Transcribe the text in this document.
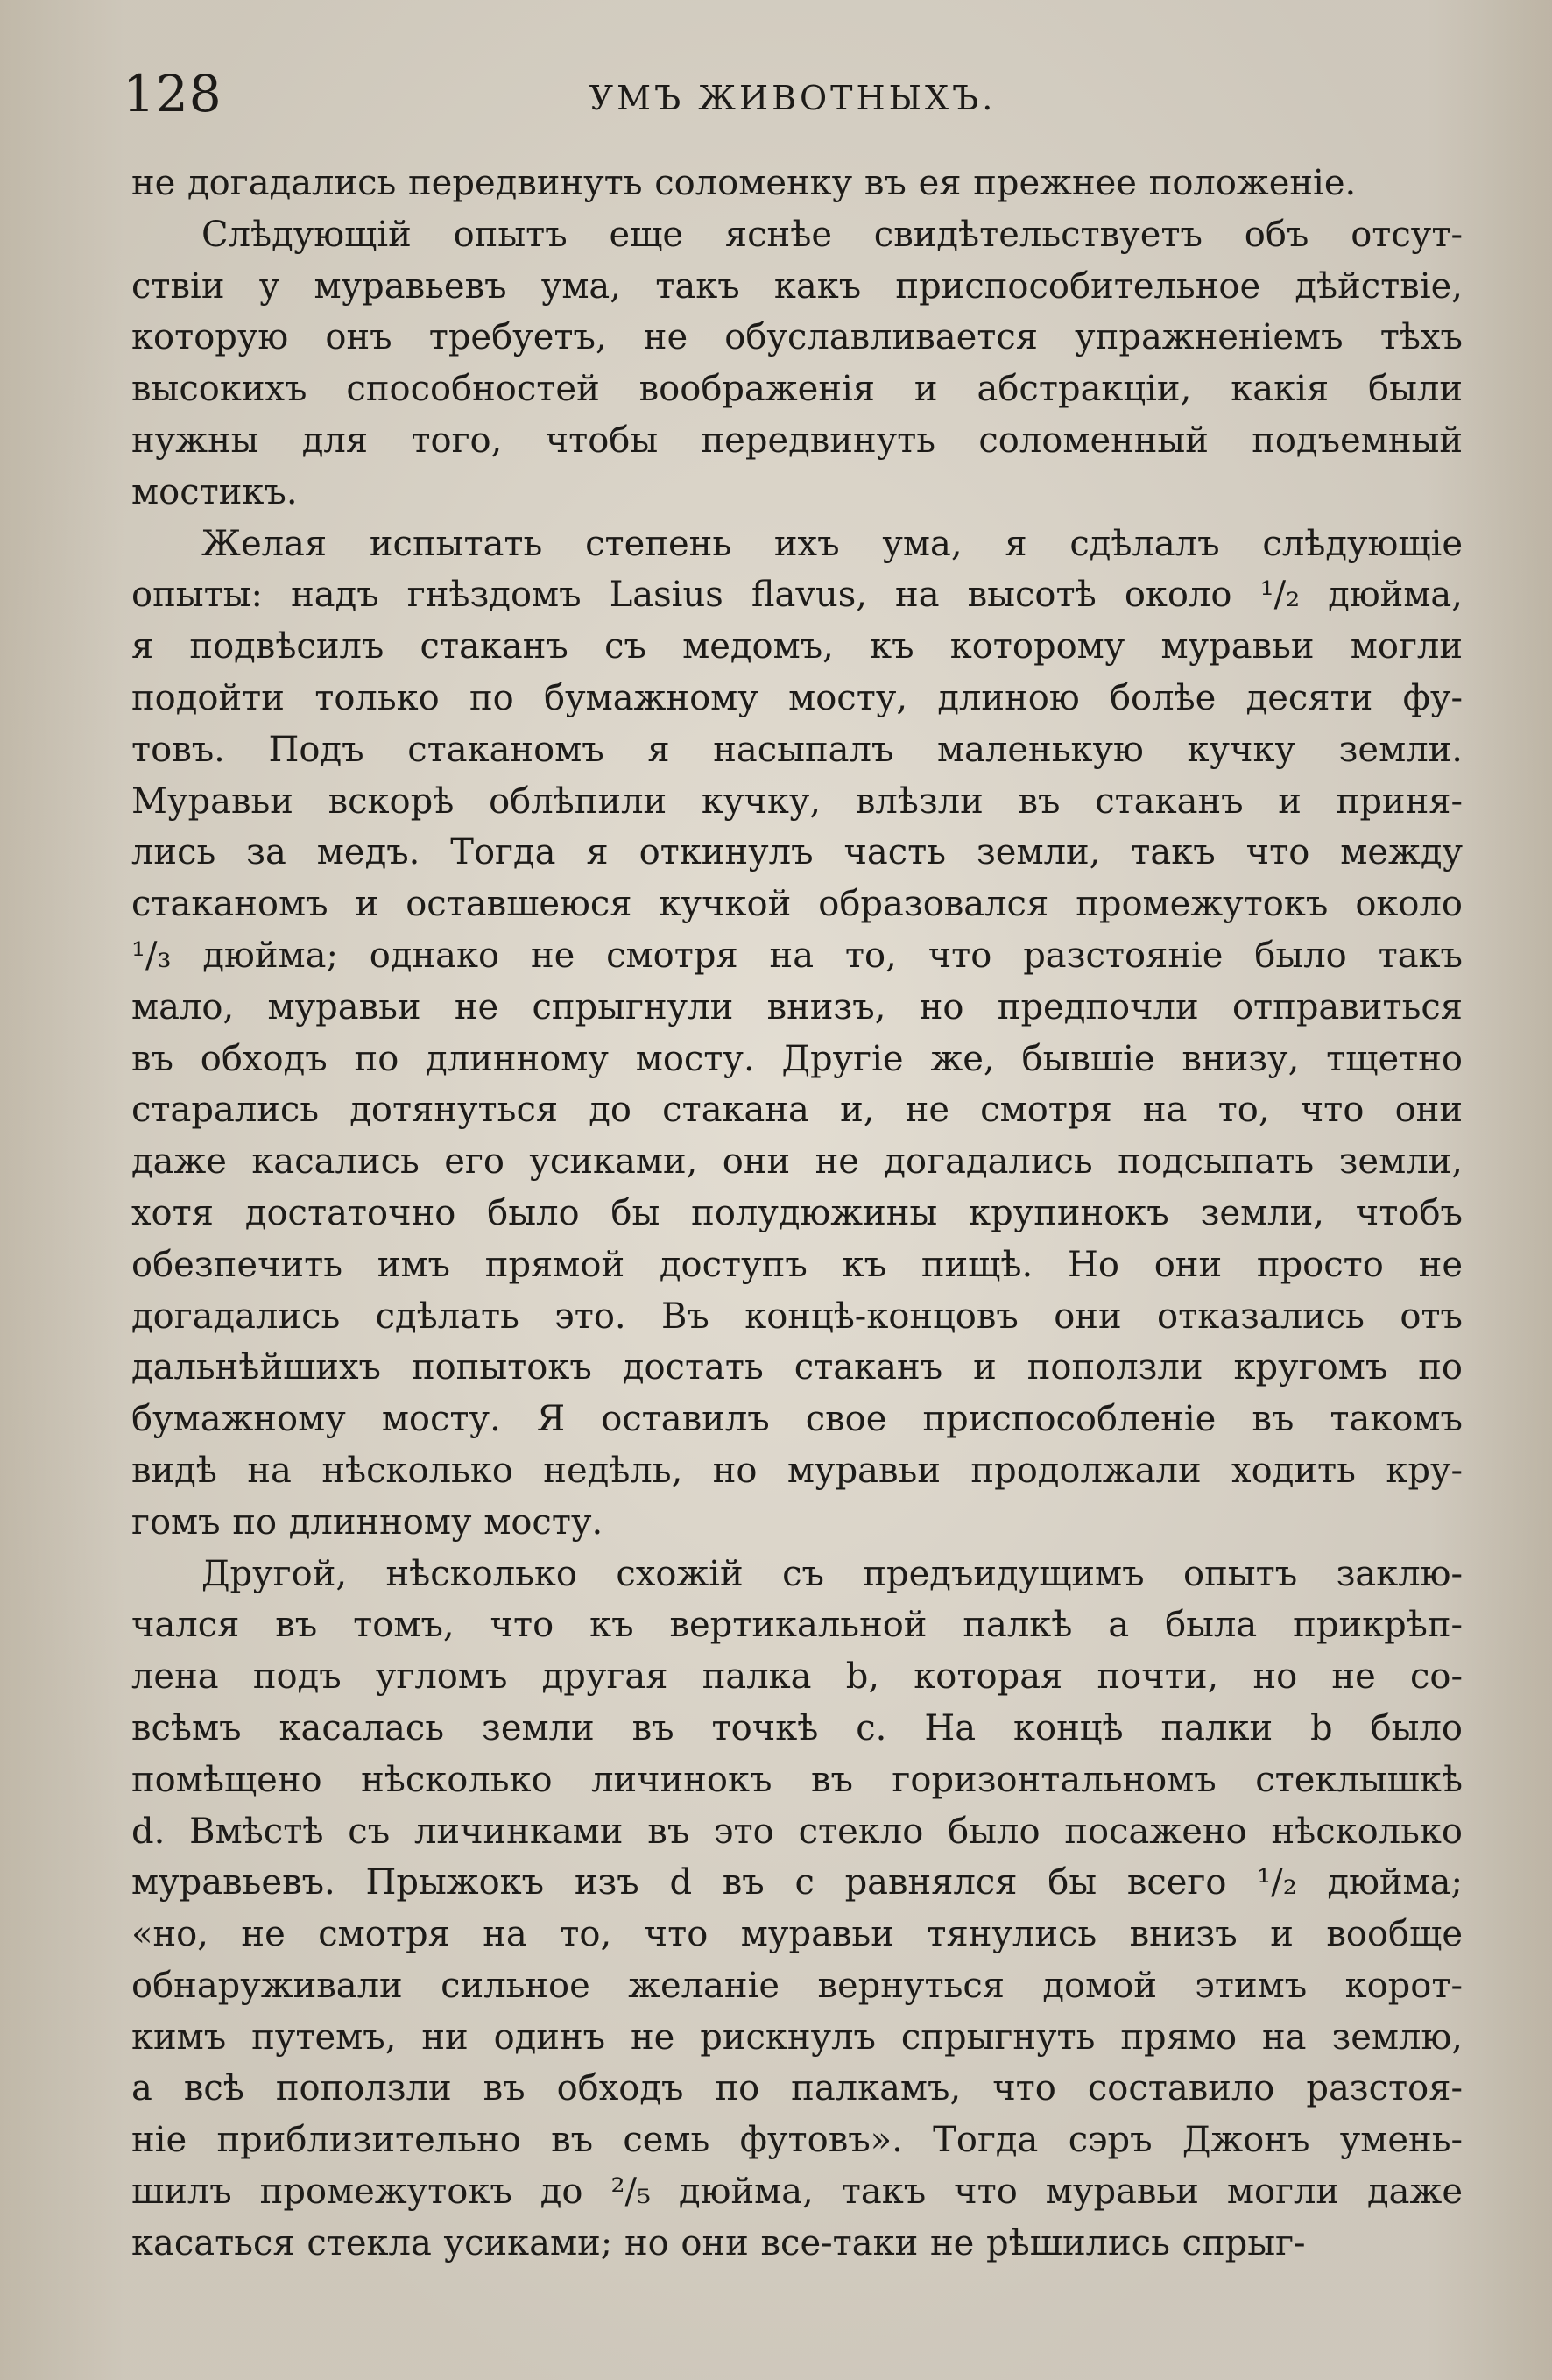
128	УМЪ ЖИВОТНЫХЪ.
не догадались передвинуть соломенку въ ея прежнее положенiе.
Слѣдующiй опытъ еще яснѣе свидѣтельствуетъ объ отсут-
ствiи у муравьевъ ума, такъ какъ приспособительное дѣйствiе,
которую онъ требуетъ, не обуславливается упражненiемъ тѣхъ
высокихъ способностей воображенiя и абстракцiи, какiя были
нужны для того, чтобы передвинуть соломенный подъемный
мостикъ.
Желая испытать степень ихъ ума, я сдѣлалъ слѣдующiе
опыты: надъ гнѣздомъ Lasius flavus, на высотѣ около ¹/₂ дюйма,
я подвѣсилъ стаканъ съ медомъ, къ которому муравьи могли
подойти только по бумажному мосту, длиною болѣе десяти фу-
товъ. Подъ стаканомъ я насыпалъ маленькую кучку земли.
Муравьи вскорѣ облѣпили кучку, влѣзли въ стаканъ и приня-
лись за медъ. Тогда я откинулъ часть земли, такъ что между
стаканомъ и оставшеюся кучкой образовался промежутокъ около
¹/₃ дюйма; однако не смотря на то, что разстоянiе было такъ
мало, муравьи не спрыгнули внизъ, но предпочли отправиться
въ обходъ по длинному мосту. Другiе же, бывшiе внизу, тщетно
старались дотянуться до стакана и, не смотря на то, что они
даже касались его усиками, они не догадались подсыпать земли,
хотя достаточно было бы полудюжины крупинокъ земли, чтобъ
обезпечить имъ прямой доступъ къ пищѣ. Но они просто не
догадались сдѣлать это. Въ концѣ-концовъ они отказались отъ
дальнѣйшихъ попытокъ достать стаканъ и поползли кругомъ по
бумажному мосту. Я оставилъ свое приспособленiе въ такомъ
видѣ на нѣсколько недѣль, но муравьи продолжали ходить кру-
гомъ по длинному мосту.
Другой, нѣсколько схожiй съ предъидущимъ опытъ заклю-
чался въ томъ, что къ вертикальной палкѣ a была прикрѣп-
лена подъ угломъ другая палка b, которая почти, но не со-
всѣмъ касалась земли въ точкѣ c. На концѣ палки b было
помѣщено нѣсколько личинокъ въ горизонтальномъ стеклышкѣ
d. Вмѣстѣ съ личинками въ это стекло было посажено нѣсколько
муравьевъ. Прыжокъ изъ d въ c равнялся бы всего ¹/₂ дюйма;
«но, не смотря на то, что муравьи тянулись внизъ и вообще
обнаруживали сильное желанiе вернуться домой этимъ корот-
кимъ путемъ, ни одинъ не рискнулъ спрыгнуть прямо на землю,
а всѣ поползли въ обходъ по палкамъ, что составило разстоя-
нiе приблизительно въ семь футовъ». Тогда сэръ Джонъ умень-
шилъ промежутокъ до ²/₅ дюйма, такъ что муравьи могли даже
касаться стекла усиками; но они все-таки не рѣшились спрыг-
